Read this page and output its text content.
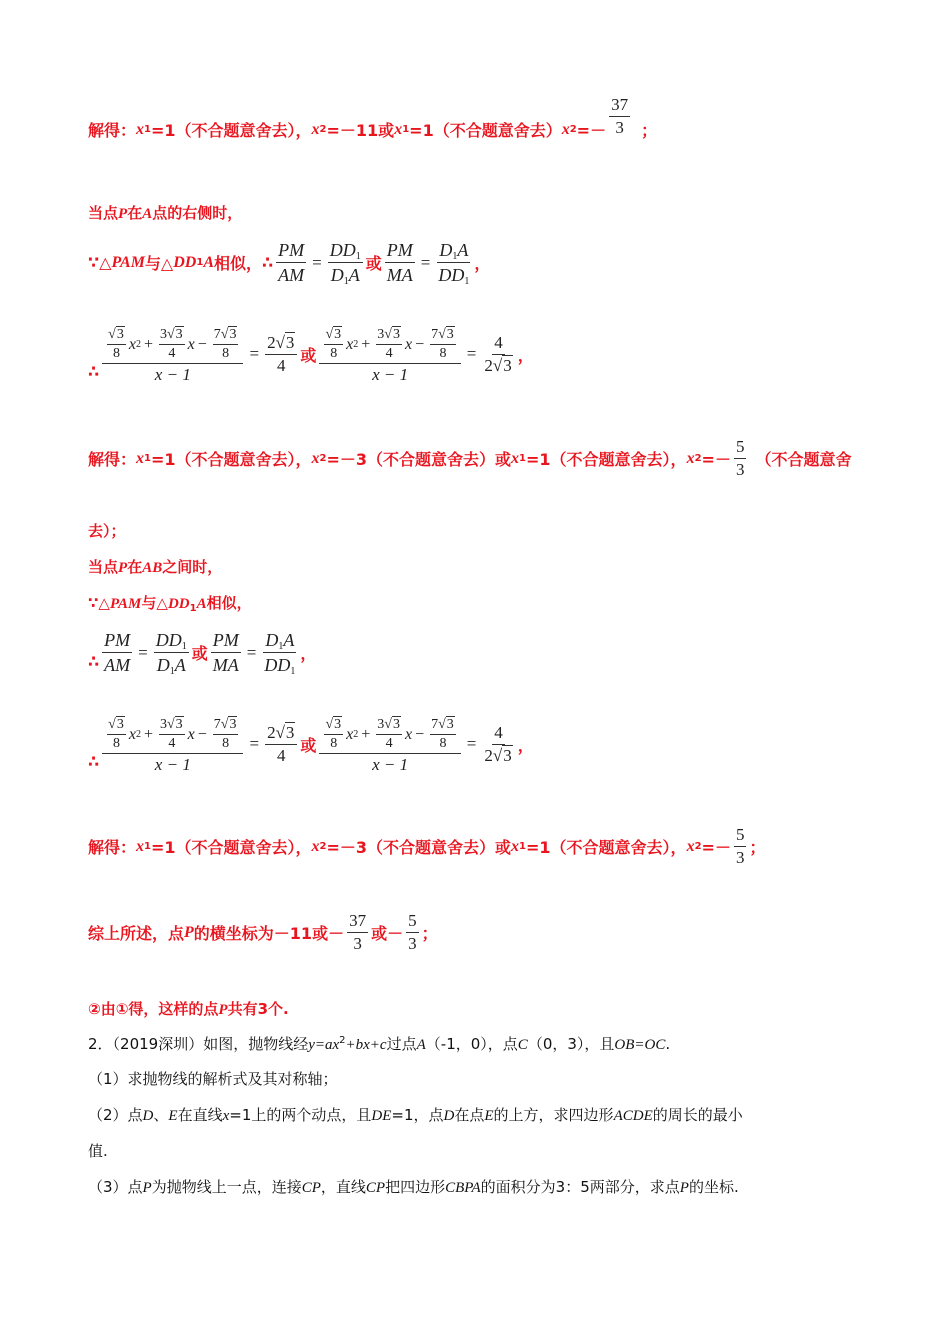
解得： x 1 =1（不合题意舍去）， x 2 =－11或 x 1 =1（不合题意舍去） x $2 =- \frac{37}{3}$ ；
当点P在A点的右侧时，
∵△ PAM 与△ DD 1 A 相似， ∴ $\frac{PM}{AM} = \frac{DD_1}{D_1A}$ 或 $\frac{PM}{MA} = \frac{D_1A}{DD_1}$ ，
∴ $\frac{\frac{√3}{8} x 2 + \frac{3√3}{4} x - \frac{7√3}{8}}{x - 1} = \frac{2√3}{4}$ 或 $\frac{\frac{√3}{8} x 2 + \frac{3√3}{4} x - \frac{7√3}{8}}{x - 1} = \frac{4}{2√3}$ ，
解得： x 1 =1（不合题意舍去）， x 2 =－3（不合题意舍去）或 x 1 =1（不合题意舍去）， x $2 =- \frac{5}{3}$ （不合题意舍
去）；
当点P在AB之间时，
∵△PAM与$\triangle DD_1A$相似，
∴ $\frac{PM}{AM} = \frac{DD_1}{D_1A}$ 或 $\frac{PM}{MA} = \frac{D_1A}{DD_1}$ ，
∴ $\frac{\frac{√3}{8} x 2 + \frac{3√3}{4} x - \frac{7√3}{8}}{x - 1} = \frac{2√3}{4}$ 或 $\frac{\frac{√3}{8} x 2 + \frac{3√3}{4} x - \frac{7√3}{8}}{x - 1} = \frac{4}{2√3}$ ，
解得： x 1 =1（不合题意舍去）， x 2 =－3（不合题意舍去）或 x 1 =1（不合题意舍去）， x $2 =- \frac{5}{3}$ ；
综上所述，点 P 的横坐标为－11或－ $\frac{37}{3}$ 或－ $\frac{5}{3}$ ；
②由①得，这样的点P共有3个.
2．（2019深圳）如图，抛物线经$y=ax^2+bx+c$过点A（-1，0），点C（0，3），且OB=OC.
（1）求抛物线的解析式及其对称轴；
（2）点D、E在直线x=1上的两个动点，且DE=1，点D在点E的上方，求四边形ACDE的周长的最小
值.
（3）点P为抛物线上一点，连接CP，直线CP把四边形CBPA的面积分为3：5两部分，求点P的坐标.
